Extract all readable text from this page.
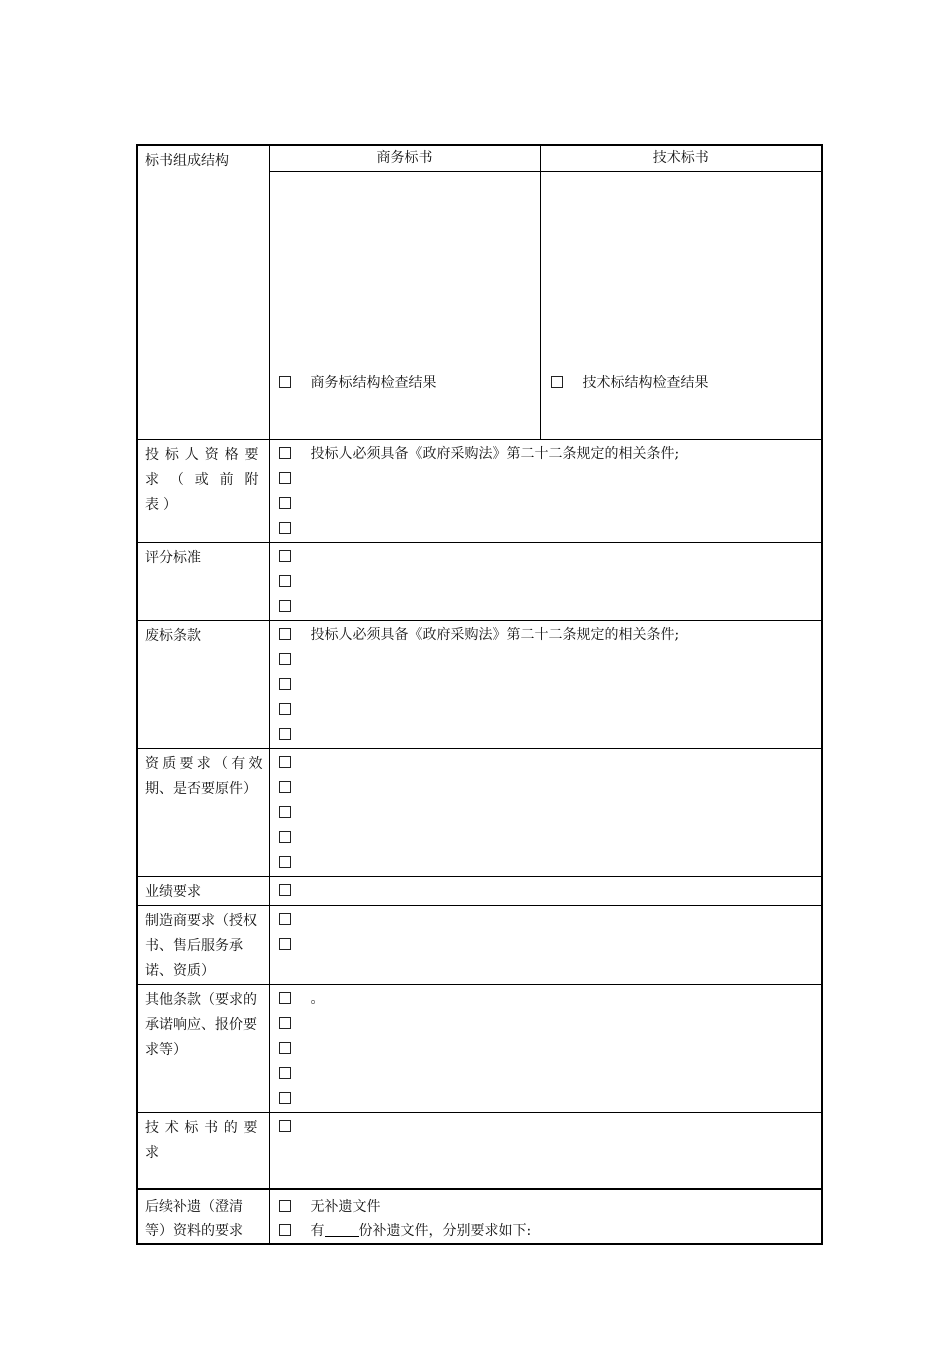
标书组成结构	商务标书	技术标书

	商务标结构检查结果	技术标结构检查结果

投标人资格要求（或前附表）	投标人必须具备《政府采购法》第二十二条规定的相关条件;	

评分标准		

废标条款	投标人必须具备《政府采购法》第二十二条规定的相关条件;	

资质要求（有效期、是否要原件）		

业绩要求		

制造商要求（授权书、售后服务承诺、资质）		

其他条款（要求的承诺响应、报价要求等）	。	

技术标书的要求		

后续补遗（澄清等）资料的要求	无补遗文件
有 份补遗文件，分别要求如下:	
